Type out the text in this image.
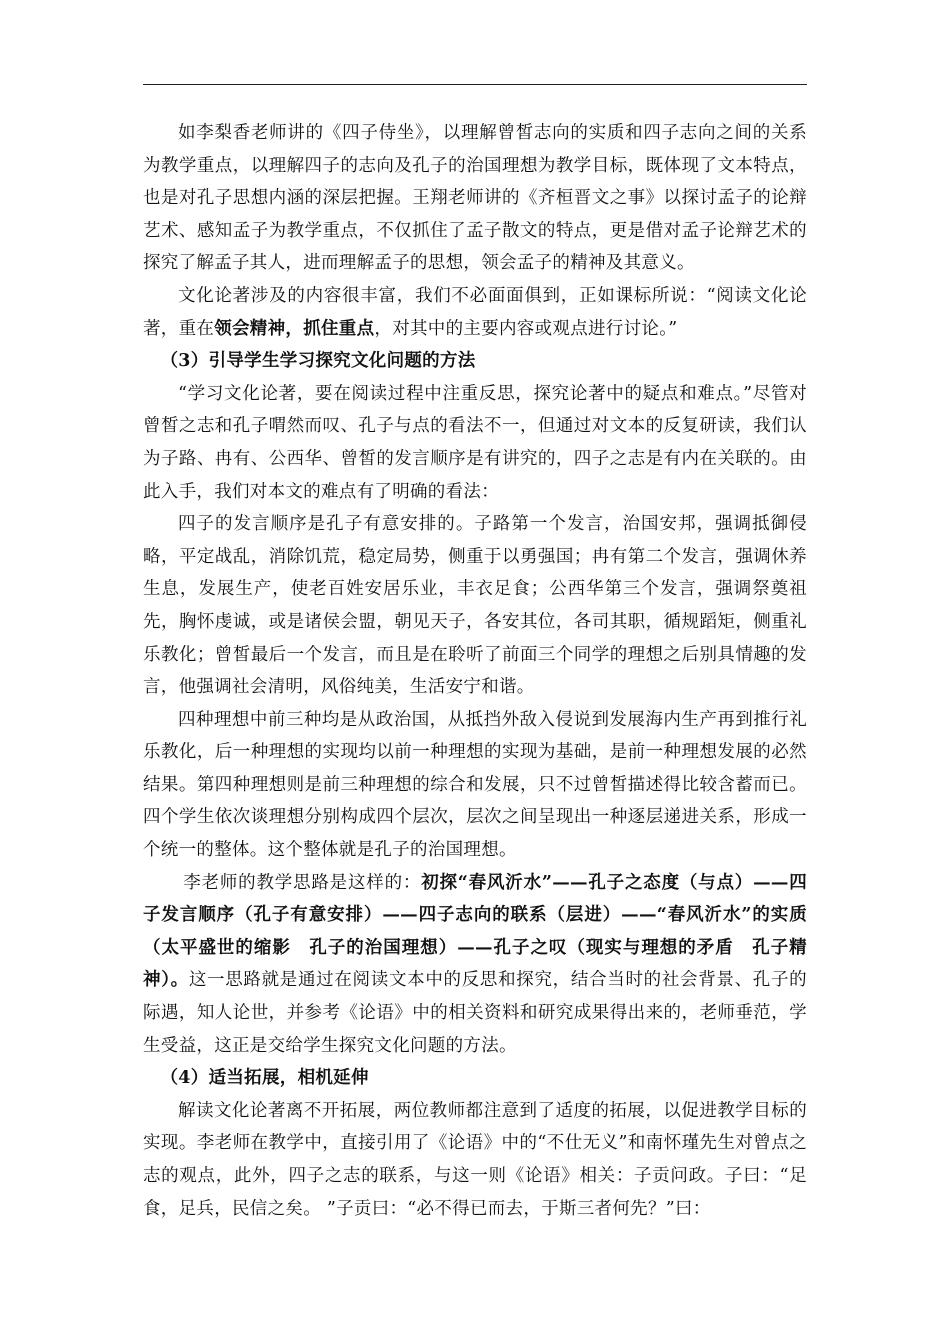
如李梨香老师讲的《四子侍坐》，以理解曾皙志向的实质和四子志向之间的关系为教学重点，以理解四子的志向及孔子的治国理想为教学目标，既体现了文本特点，也是对孔子思想内涵的深层把握。王翔老师讲的《齐桓晋文之事》以探讨孟子的论辩艺术、感知孟子为教学重点，不仅抓住了孟子散文的特点，更是借对孟子论辩艺术的探究了解孟子其人，进而理解孟子的思想，领会孟子的精神及其意义。

文化论著涉及的内容很丰富，我们不必面面俱到，正如课标所说：“阅读文化论著，重在领会精神，抓住重点，对其中的主要内容或观点进行讨论。”

（3）引导学生学习探究文化问题的方法

“学习文化论著，要在阅读过程中注重反思，探究论著中的疑点和难点。”尽管对曾皙之志和孔子喟然而叹、孔子与点的看法不一，但通过对文本的反复研读，我们认为子路、冉有、公西华、曾皙的发言顺序是有讲究的，四子之志是有内在关联的。由此入手，我们对本文的难点有了明确的看法：

四子的发言顺序是孔子有意安排的。子路第一个发言，治国安邦，强调抵御侵略，平定战乱，消除饥荒，稳定局势，侧重于以勇强国；冉有第二个发言，强调休养生息，发展生产，使老百姓安居乐业，丰衣足食；公西华第三个发言，强调祭奠祖先，胸怀虔诚，或是诸侯会盟，朝见天子，各安其位，各司其职，循规蹈矩，侧重礼乐教化；曾皙最后一个发言，而且是在聆听了前面三个同学的理想之后别具情趣的发言，他强调社会清明，风俗纯美，生活安宁和谐。

四种理想中前三种均是从政治国，从抵挡外敌入侵说到发展海内生产再到推行礼乐教化，后一种理想的实现均以前一种理想的实现为基础，是前一种理想发展的必然结果。第四种理想则是前三种理想的综合和发展，只不过曾皙描述得比较含蓄而已。四个学生依次谈理想分别构成四个层次，层次之间呈现出一种逐层递进关系，形成一个统一的整体。这个整体就是孔子的治国理想。

李老师的教学思路是这样的：初探“春风沂水”——孔子之态度（与点）——四子发言顺序（孔子有意安排）——四子志向的联系（层进）——“春风沂水”的实质（太平盛世的缩影　孔子的治国理想）——孔子之叹（现实与理想的矛盾　孔子精神）。这一思路就是通过在阅读文本中的反思和探究，结合当时的社会背景、孔子的际遇，知人论世，并参考《论语》中的相关资料和研究成果得出来的，老师垂范，学生受益，这正是交给学生探究文化问题的方法。

（4）适当拓展，相机延伸

解读文化论著离不开拓展，两位教师都注意到了适度的拓展，以促进教学目标的实现。李老师在教学中，直接引用了《论语》中的“不仕无义”和南怀瑾先生对曾点之志的观点，此外，四子之志的联系，与这一则《论语》相关：子贡问政。子曰：“足食，足兵，民信之矣。 ”子贡曰：“必不得已而去，于斯三者何先？”曰：
